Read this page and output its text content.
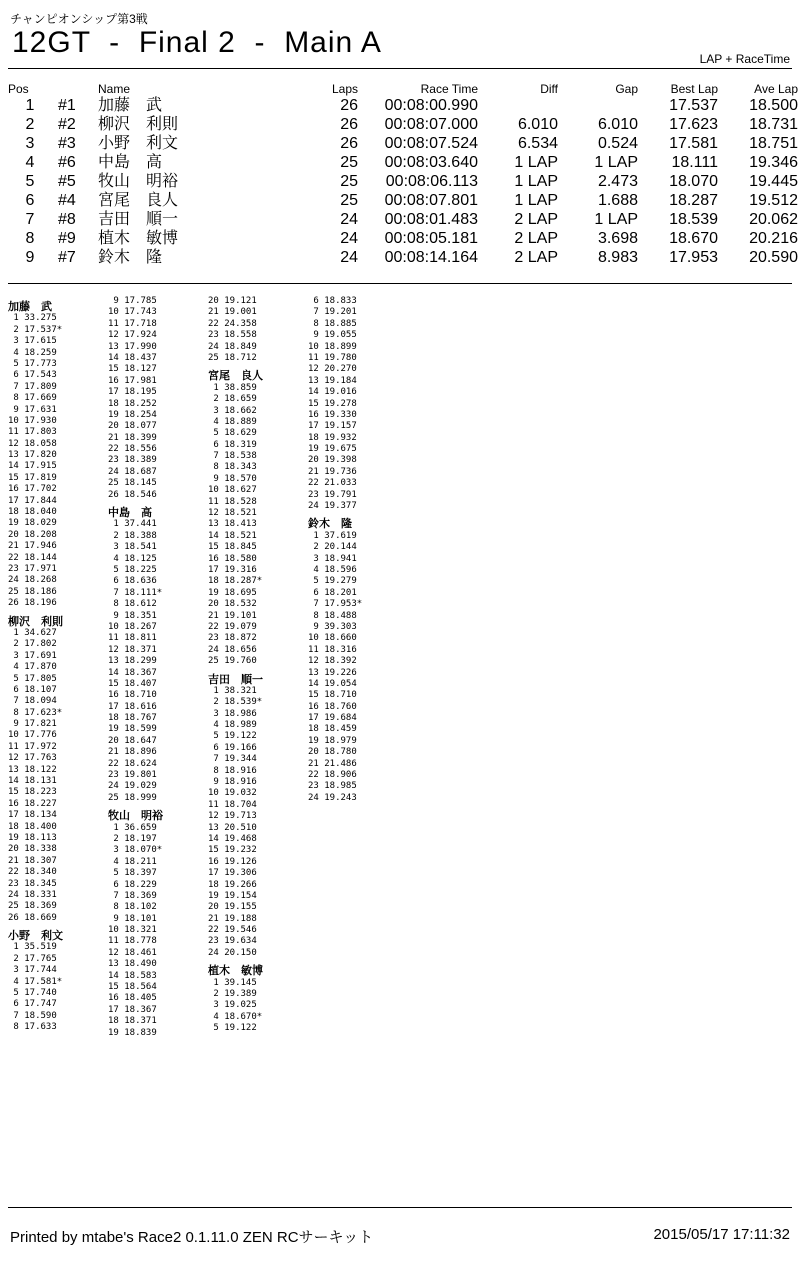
チャンピオンシップ第3戦
12GT  -  Final 2  -  Main A	LAP + RaceTime
Pos		Name	Laps	Race Time	Diff	Gap	Best Lap	Ave Lap
1	#1	加藤　武	26	00:08:00.990			17.537	18.500
2	#2	柳沢　利則	26	00:08:07.000	6.010	6.010	17.623	18.731
3	#3	小野　利文	26	00:08:07.524	6.534	0.524	17.581	18.751
4	#6	中島　高	25	00:08:03.640	1 LAP	1 LAP	18.111	19.346
5	#5	牧山　明裕	25	00:08:06.113	1 LAP	2.473	18.070	19.445
6	#4	宮尾　良人	25	00:08:07.801	1 LAP	1.688	18.287	19.512
7	#8	吉田　順一	24	00:08:01.483	2 LAP	1 LAP	18.539	20.062
8	#9	植木　敏博	24	00:08:05.181	2 LAP	3.698	18.670	20.216
9	#7	鈴木　隆	24	00:08:14.164	2 LAP	8.983	17.953	20.590
加藤　武
1 33.275
2 17.537*
3 17.615
4 18.259
5 17.773
6 17.543
7 17.809
8 17.669
9 17.631
10 17.930
11 17.803
12 18.058
13 17.820
14 17.915
15 17.819
16 17.702
17 17.844
18 18.040
19 18.029
20 18.208
21 17.946
22 18.144
23 17.971
24 18.268
25 18.186
26 18.196
柳沢　利則
1 34.627
2 17.802
3 17.691
4 17.870
5 17.805
6 18.107
7 18.094
8 17.623*
9 17.821
10 17.776
11 17.972
12 17.763
13 18.122
14 18.131
15 18.223
16 18.227
17 18.134
18 18.400
19 18.113
20 18.338
21 18.307
22 18.340
23 18.345
24 18.331
25 18.369
26 18.669
小野　利文
1 35.519
2 17.765
3 17.744
4 17.581*
5 17.740
6 17.747
7 18.590
8 17.633
9 17.785
10 17.743
11 17.718
12 17.924
13 17.990
14 18.437
15 18.127
16 17.981
17 18.195
18 18.252
19 18.254
20 18.077
21 18.399
22 18.556
23 18.389
24 18.687
25 18.145
26 18.546
中島　高
1 37.441
2 18.388
3 18.541
4 18.125
5 18.225
6 18.636
7 18.111*
8 18.612
9 18.351
10 18.267
11 18.811
12 18.371
13 18.299
14 18.367
15 18.407
16 18.710
17 18.616
18 18.767
19 18.599
20 18.647
21 18.896
22 18.624
23 19.801
24 19.029
25 18.999
牧山　明裕
1 36.659
2 18.197
3 18.070*
4 18.211
5 18.397
6 18.229
7 18.369
8 18.102
9 18.101
10 18.321
11 18.778
12 18.461
13 18.490
14 18.583
15 18.564
16 18.405
17 18.367
18 18.371
19 18.839
20 19.121
21 19.001
22 24.358
23 18.558
24 18.849
25 18.712
宮尾　良人
1 38.859
2 18.659
3 18.662
4 18.889
5 18.629
6 18.319
7 18.538
8 18.343
9 18.570
10 18.627
11 18.528
12 18.521
13 18.413
14 18.521
15 18.845
16 18.580
17 19.316
18 18.287*
19 18.695
20 18.532
21 19.101
22 19.079
23 18.872
24 18.656
25 19.760
吉田　順一
1 38.321
2 18.539*
3 18.986
4 18.989
5 19.122
6 19.166
7 19.344
8 18.916
9 18.916
10 19.032
11 18.704
12 19.713
13 20.510
14 19.468
15 19.232
16 19.126
17 19.306
18 19.266
19 19.154
20 19.155
21 19.188
22 19.546
23 19.634
24 20.150
植木　敏博
1 39.145
2 19.389
3 19.025
4 18.670*
5 19.122
6 18.833
7 19.201
8 18.885
9 19.055
10 18.899
11 19.780
12 20.270
13 19.184
14 19.016
15 19.278
16 19.330
17 19.157
18 19.932
19 19.675
20 19.398
21 19.736
22 21.033
23 19.791
24 19.377
鈴木　隆
1 37.619
2 20.144
3 18.941
4 18.596
5 19.279
6 18.201
7 17.953*
8 18.488
9 39.303
10 18.660
11 18.316
12 18.392
13 19.226
14 19.054
15 18.710
16 18.760
17 19.684
18 18.459
19 18.979
20 18.780
21 21.486
22 18.906
23 18.985
24 19.243
Printed by mtabe's Race2 0.1.11.0 ZEN RCサーキット	2015/05/17 17:11:32
